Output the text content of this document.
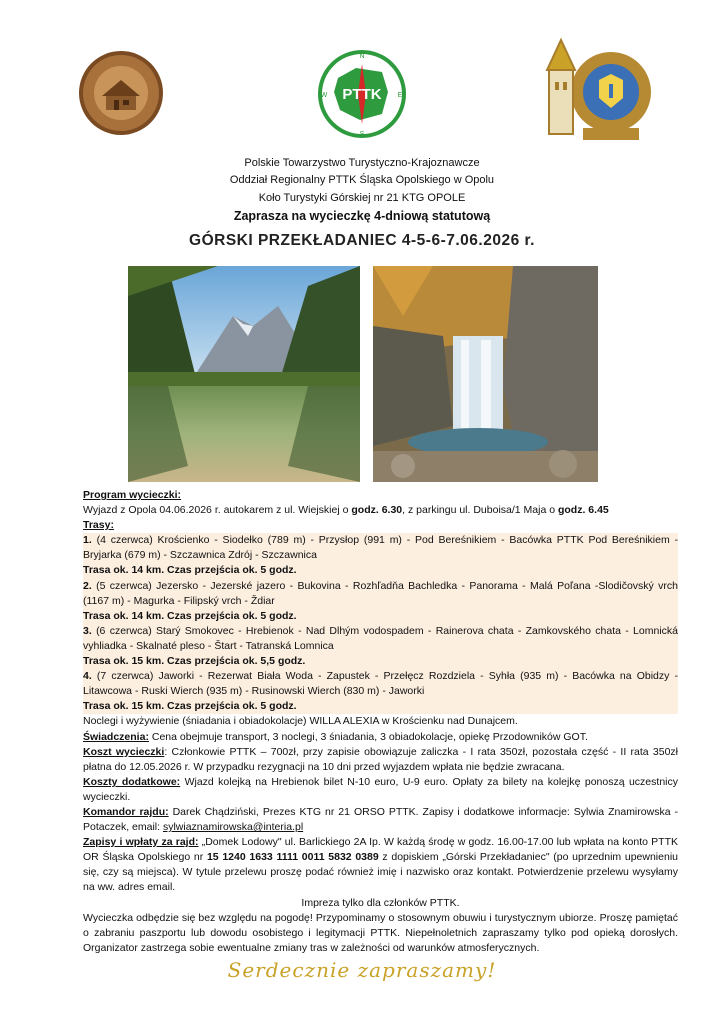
N
S
W	E
PTTK
Polskie Towarzystwo Turystyczno-Krajoznawcze
Oddział Regionalny PTTK Śląska Opolskiego w Opolu
Koło Turystyki Górskiej nr 21 KTG OPOLE
Zaprasza na wycieczkę 4-dniową statutową
GÓRSKI PRZEKŁADANIEC 4-5-6-7.06.2026 r.

Program wycieczki:

Wyjazd z Opola 04.06.2026 r. autokarem z ul. Wiejskiej o godz. 6.30, z parkingu ul. Duboisa/1 Maja o godz. 6.45

Trasy:

1. (4 czerwca) Krościenko - Siodełko (789 m) - Przysłop (991 m) - Pod Bereśnikiem - Bacówka PTTK Pod Bereśnikiem - Bryjarka (679 m) - Szczawnica Zdrój - Szczawnica

Trasa ok. 14 km. Czas przejścia ok. 5 godz.

2. (5 czerwca) Jezersko - Jezerské jazero - Bukovina - Rozhľadňa Bachledka - Panorama - Malá Poľana -Slodičovský vrch (1167 m) - Magurka - Filipský vrch - Ždiar

Trasa ok. 14 km. Czas przejścia ok. 5 godz.

3. (6 czerwca) Starý Smokovec - Hrebienok - Nad Dlhým vodospadem - Rainerova chata - Zamkovského chata - Lomnická vyhliadka - Skalnaté pleso - Štart - Tatranská Lomnica

Trasa ok. 15 km. Czas przejścia ok. 5,5 godz.

4. (7 czerwca) Jaworki - Rezerwat Biała Woda - Zapustek - Przełęcz Rozdziela - Syhła (935 m) - Bacówka na Obidzy - Litawcowa - Ruski Wierch (935 m) - Rusinowski Wierch (830 m) - Jaworki

Trasa ok. 15 km. Czas przejścia ok. 5 godz.

Noclegi i wyżywienie (śniadania i obiadokolacje) WILLA ALEXIA w Krościenku nad Dunajcem.

Świadczenia: Cena obejmuje transport, 3 noclegi, 3 śniadania, 3 obiadokolacje, opiekę Przodowników GOT.

Koszt wycieczki: Członkowie PTTK – 700zł, przy zapisie obowiązuje zaliczka - I rata 350zł, pozostała część - II rata 350zł płatna do 12.05.2026 r. W przypadku rezygnacji na 10 dni przed wyjazdem wpłata nie będzie zwracana.

Koszty dodatkowe: Wjazd kolejką na Hrebienok bilet N-10 euro, U-9 euro. Opłaty za bilety na kolejkę ponoszą uczestnicy wycieczki.

Komandor rajdu: Darek Chądziński, Prezes KTG nr 21 ORSO PTTK. Zapisy i dodatkowe informacje: Sylwia Znamirowska - Potaczek, email: sylwiaznamirowska@interia.pl

Zapisy i wpłaty za rajd: „Domek Lodowy" ul. Barlickiego 2A Ip. W każdą środę w godz. 16.00-17.00 lub wpłata na konto PTTK OR Śląska Opolskiego nr 15 1240 1633 1111 0011 5832 0389 z dopiskiem „Górski Przekładaniec" (po uprzednim upewnieniu się, czy są miejsca). W tytule przelewu proszę podać również imię i nazwisko oraz kontakt. Potwierdzenie przelewu wysyłamy na ww. adres email.

Impreza tylko dla członków PTTK.

Wycieczka odbędzie się bez względu na pogodę! Przypominamy o stosownym obuwiu i turystycznym ubiorze. Proszę pamiętać o zabraniu paszportu lub dowodu osobistego i legitymacji PTTK. Niepełnoletnich zapraszamy tylko pod opieką dorosłych. Organizator zastrzega sobie ewentualne zmiany tras w zależności od warunków atmosferycznych.

Serdecznie zapraszamy!
